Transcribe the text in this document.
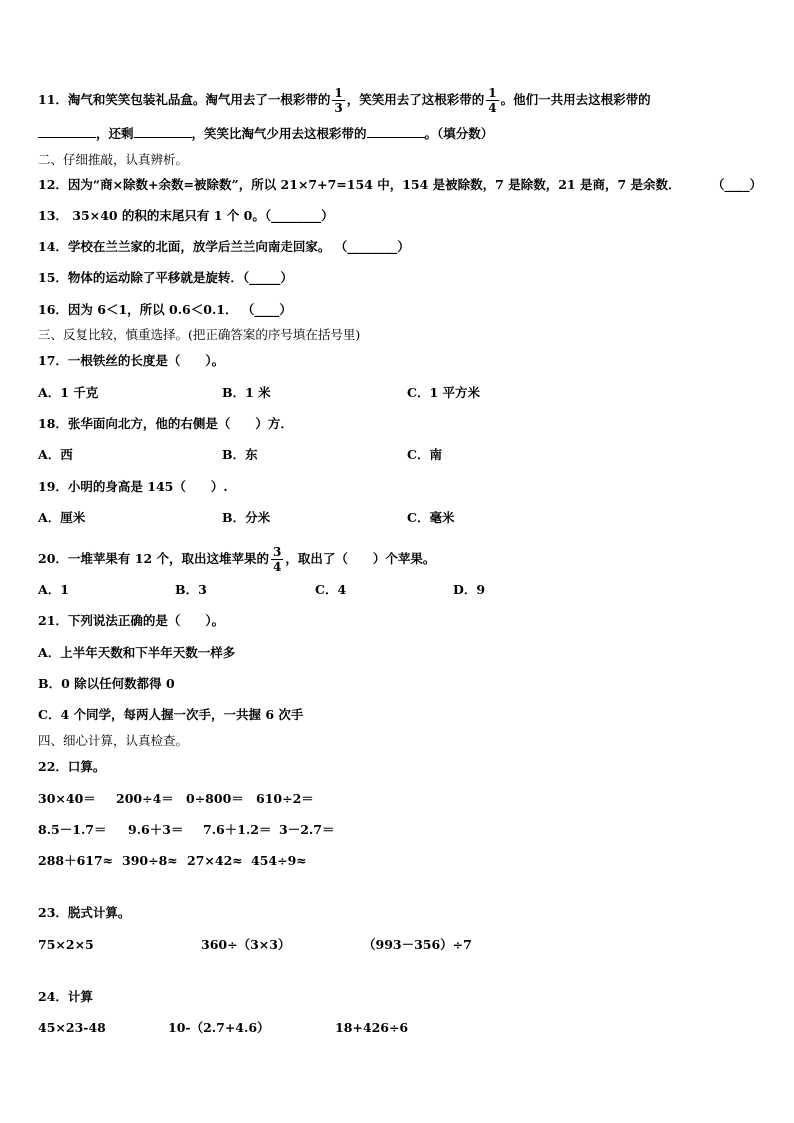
11．淘气和笑笑包装礼品盒。淘气用去了一根彩带的 $\frac{1}{3}$ ，笑笑用去了这根彩带的 $\frac{1}{4}$ 。他们一共用去这根彩带的
，还剩	，笑笑比淘气少用去这根彩带的	。（填分数）
二、仔细推敲，认真辨析。
12．因为“商×除数+余数=被除数”，所以 21×7+7=154 中，154 是被除数，7 是除数，21 是商，7 是余数．	（____）
13． 35×40 的积的末尾只有 1 个 0。（________）
14．学校在兰兰家的北面，放学后兰兰向南走回家。 （________）
15．物体的运动除了平移就是旋转．（_____）
16．因为 6＜1，所以 0.6＜0.1． （____）
三、反复比较，慎重选择。(把正确答案的序号填在括号里)
17．一根铁丝的长度是（　　）。
A．1 千克	B．1 米	C．1 平方米
18．张华面向北方，他的右侧是（　　）方．
A．西	B．东	C．南
19．小明的身高是 145（　　）.
A．厘米	B．分米	C．毫米
20．一堆苹果有 12 个，取出这堆苹果的 $\frac{3}{4}$ ，取出了（　　）个苹果。
A．1	B．3	C．4	D．9
21．下列说法正确的是（　　）。
A．上半年天数和下半年天数一样多
B．0 除以任何数都得 0
C．4 个同学，每两人握一次手，一共握 6 次手
四、细心计算，认真检查。
22．口算。
30×40＝ 200÷4＝ 0÷800＝ 610÷2＝
8.5－1.7＝ 9.6＋3＝ 7.6＋1.2＝ 3－2.7＝
288＋617≈ 390÷8≈ 27×42≈ 454÷9≈
23．脱式计算。
75×2×5	360÷（3×3）	（993－356）÷7
24．计算
45×23-48	10-（2.7+4.6）	18+426÷6
